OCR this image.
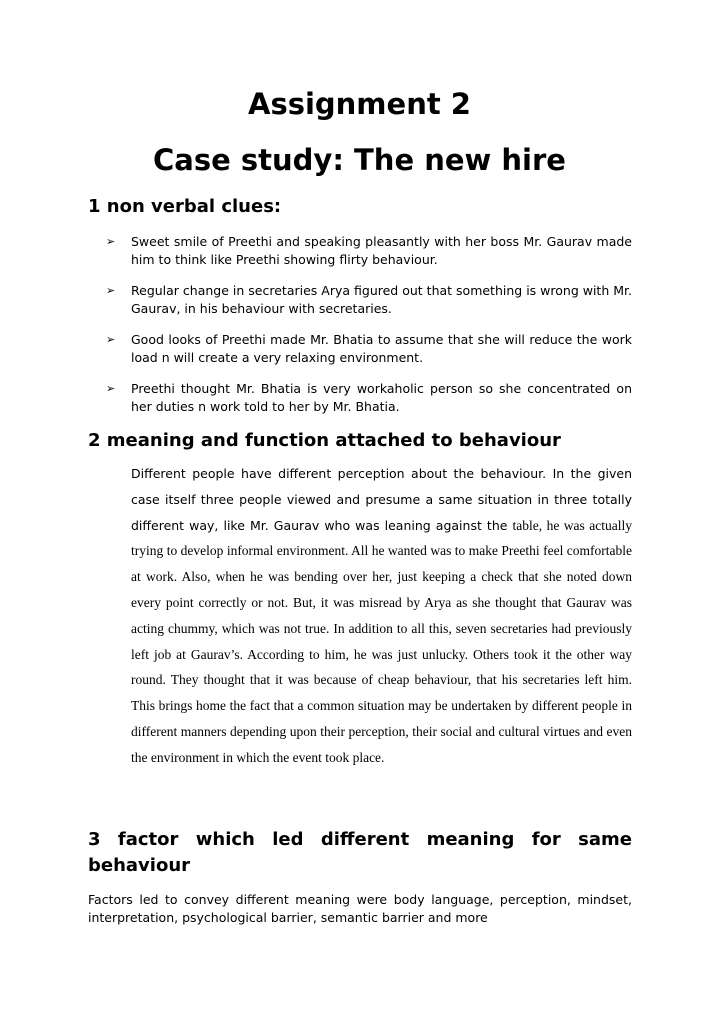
Assignment 2
Case study: The new hire
1 non verbal clues:
➢ Sweet smile of Preethi and speaking pleasantly with her boss Mr. Gaurav made him to think like Preethi showing flirty behaviour.
➢ Regular change in secretaries Arya figured out that something is wrong with Mr. Gaurav, in his behaviour with secretaries.
➢ Good looks of Preethi made Mr. Bhatia to assume that she will reduce the work load n will create a very relaxing environment.
➢ Preethi thought Mr. Bhatia is very workaholic person so she concentrated on her duties n work told to her by Mr. Bhatia.
2 meaning and function attached to behaviour

Different people have different perception about the behaviour. In the given case itself three people viewed and presume a same situation in three totally different way, like Mr. Gaurav who was leaning against the table, he was actually trying to develop informal environment. All he wanted was to make Preethi feel comfortable at work. Also, when he was bending over her, just keeping a check that she noted down every point correctly or not. But, it was misread by Arya as she thought that Gaurav was acting chummy, which was not true. In addition to all this, seven secretaries had previously left job at Gaurav’s. According to him, he was just unlucky. Others took it the other way round. They thought that it was because of cheap behaviour, that his secretaries left him. This brings home the fact that a common situation may be undertaken by different people in different manners depending upon their perception, their social and cultural virtues and even the environment in which the event took place.

3 factor which led different meaning for same behaviour

Factors led to convey different meaning were body language, perception, mindset, interpretation, psychological barrier, semantic barrier and more
